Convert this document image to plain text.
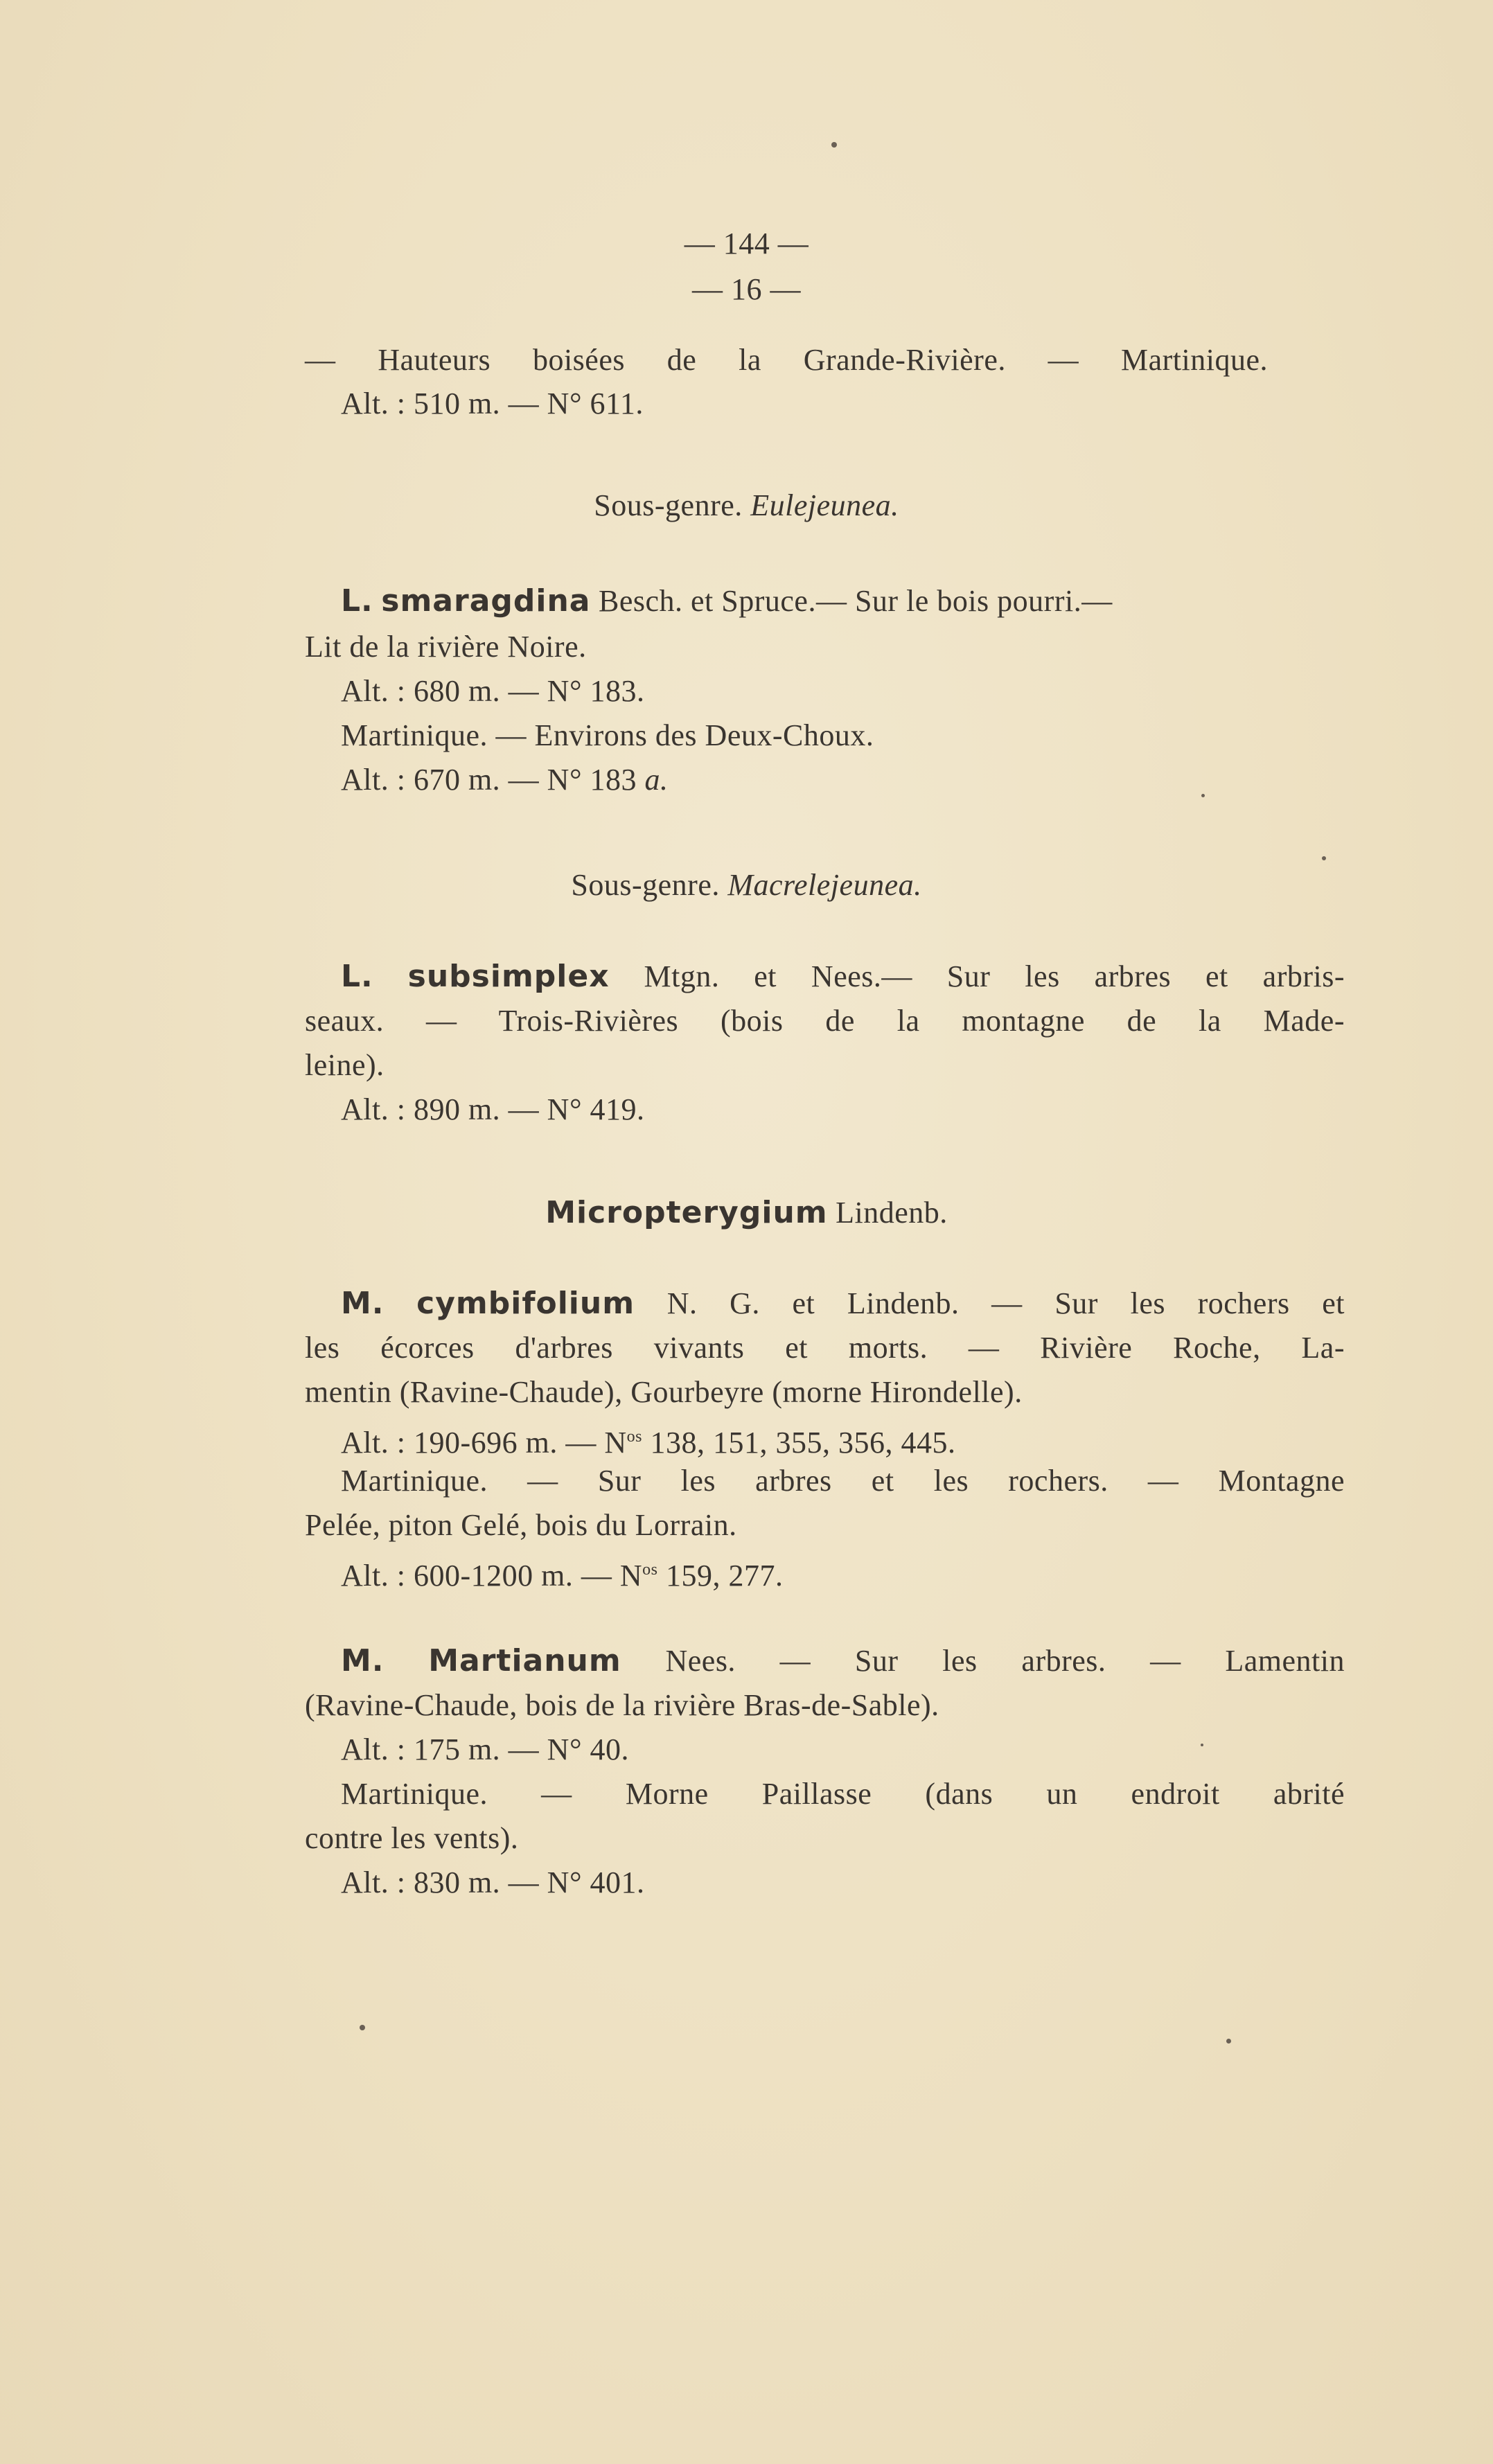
— 144 —
— 16 —
— Hauteurs boisées de la Grande-Rivière. — Martinique.
Alt. : 510 m. — N° 611.
Sous-genre. Eulejeunea.
L. smaragdina Besch. et Spruce.— Sur le bois pourri.—
Lit de la rivière Noire.
Alt. : 680 m. — N° 183.
Martinique. — Environs des Deux-Choux.
Alt. : 670 m. — N° 183 a.
Sous-genre. Macrelejeunea.
L. subsimplex Mtgn. et Nees.— Sur les arbres et arbris-
seaux. — Trois-Rivières (bois de la montagne de la Made-
leine).
Alt. : 890 m. — N° 419.
Micropterygium Lindenb.
M. cymbifolium N. G. et Lindenb. — Sur les rochers et
les écorces d'arbres vivants et morts. — Rivière Roche, La-
mentin (Ravine-Chaude), Gourbeyre (morne Hirondelle).
Alt. : 190-696 m. — $N^{os}$ 138, 151, 355, 356, 445.
Martinique. — Sur les arbres et les rochers. — Montagne
Pelée, piton Gelé, bois du Lorrain.
Alt. : 600-1200 m. — $N^{os}$ 159, 277.
M. Martianum Nees. — Sur les arbres. — Lamentin
(Ravine-Chaude, bois de la rivière Bras-de-Sable).
Alt. : 175 m. — N° 40.
Martinique. — Morne Paillasse (dans un endroit abrité
contre les vents).
Alt. : 830 m. — N° 401.
